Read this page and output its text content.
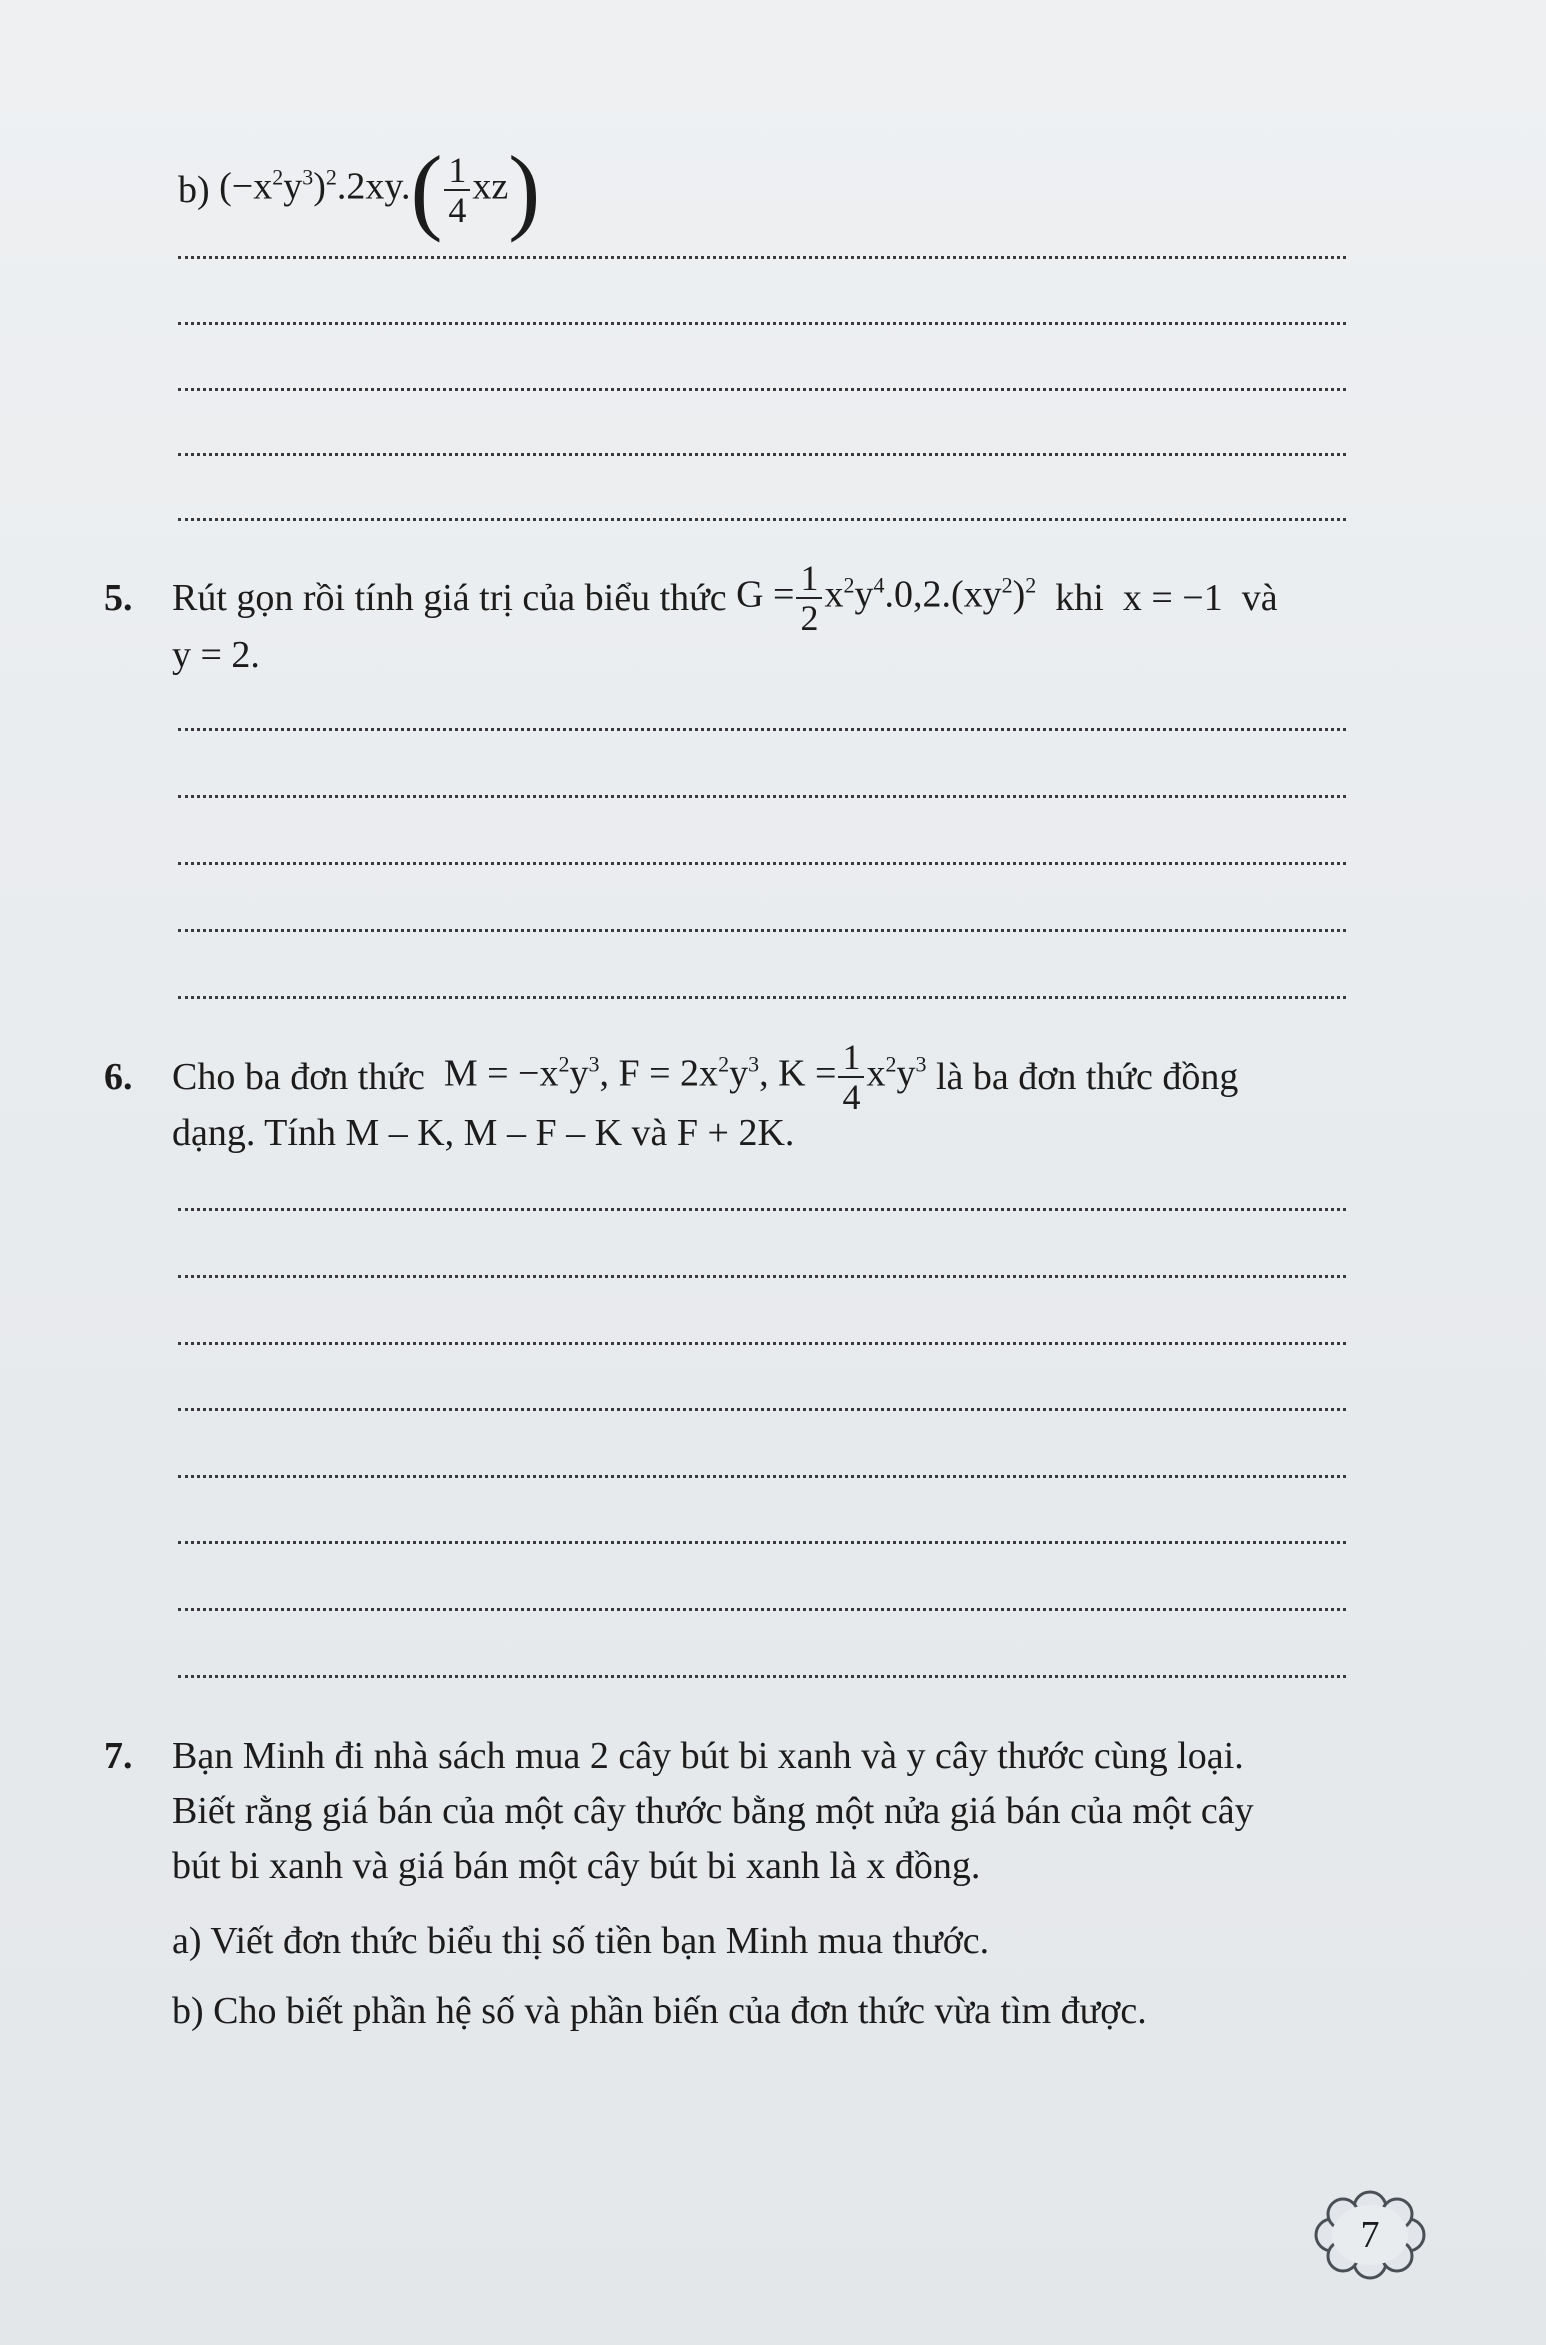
b)
$(-x^2y^3)^2.2xy.( \frac{1}{4} xz)$
5.	Rút gọn rồi tính giá trị của biểu thức
$G = \frac{1}{2} x^2y^4.0,2.(xy^2)^2$
khi  x = −1  và
y = 2.
6.	Cho ba đơn thức
$M = -x^2y^3$, $F = 2x^2y^3$, $K = \frac{1}{4} x^2y^3$
là ba đơn thức đồng
dạng. Tính M – K, M – F – K và F + 2K.
7. Bạn Minh đi nhà sách mua 2 cây bút bi xanh và y cây thước cùng loại.
Biết rằng giá bán của một cây thước bằng một nửa giá bán của một cây
bút bi xanh và giá bán một cây bút bi xanh là x đồng.
a) Viết đơn thức biểu thị số tiền bạn Minh mua thước.
b) Cho biết phần hệ số và phần biến của đơn thức vừa tìm được.
7
